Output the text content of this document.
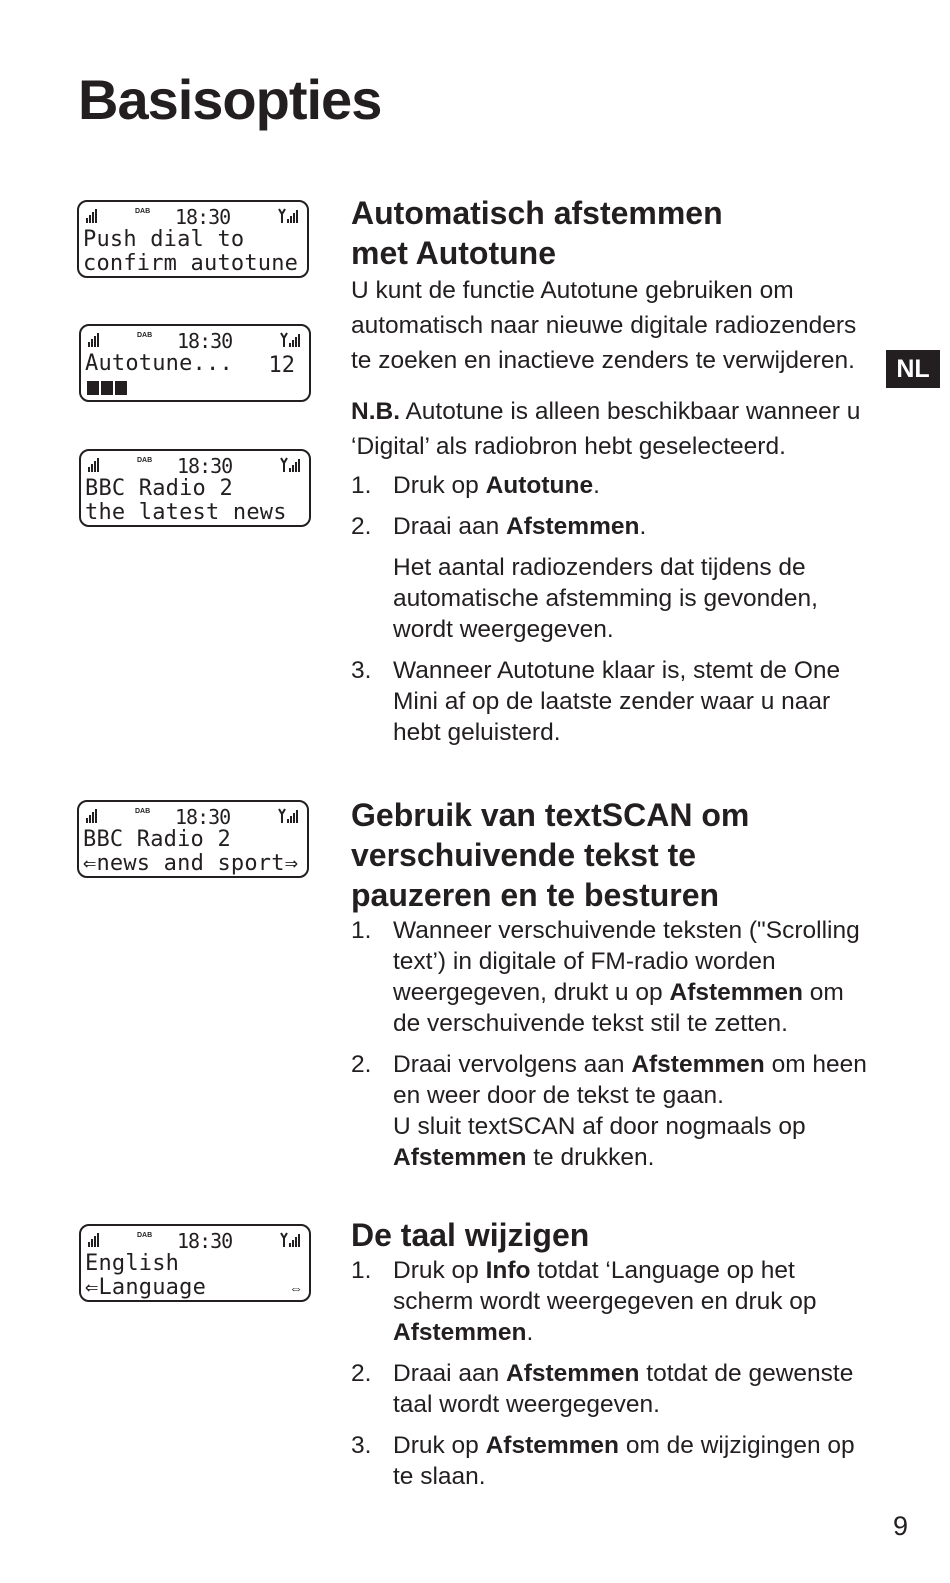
Basisopties
NL
9
DAB 18:30
Push dial to
confirm autotune
DAB 18:30
Autotune... 12
DAB 18:30
BBC Radio 2
the latest news
DAB 18:30
BBC Radio 2
⇐news and sport⇒
DAB 18:30
English
⇐Language	⇔
Automatisch afstemmen
met Autotune

U kunt de functie Autotune gebruiken om automatisch naar nieuwe digitale radiozenders te zoeken en inactieve zenders te verwijderen.

N.B. Autotune is alleen beschikbaar wanneer u ‘Digital’ als radiobron hebt geselecteerd.

1. Druk op Autotune.
2. Draai aan Afstemmen.
Het aantal radiozenders dat tijdens de automatische afstemming is gevonden, wordt weergegeven.
3. Wanneer Autotune klaar is, stemt de One Mini af op de laatste zender waar u naar hebt geluisterd.
Gebruik van textSCAN om
verschuivende tekst te
pauzeren en te besturen
1. Wanneer verschuivende teksten ("Scrolling text’) in digitale of FM-radio worden weergegeven, drukt u op Afstemmen om de verschuivende tekst stil te zetten.
2. Draai vervolgens aan Afstemmen om heen en weer door de tekst te gaan.
U sluit textSCAN af door nogmaals op Afstemmen te drukken.
De taal wijzigen
1. Druk op Info totdat ‘Language op het scherm wordt weergegeven en druk op Afstemmen.
2. Draai aan Afstemmen totdat de gewenste taal wordt weergegeven.
3. Druk op Afstemmen om de wijzigingen op te slaan.
